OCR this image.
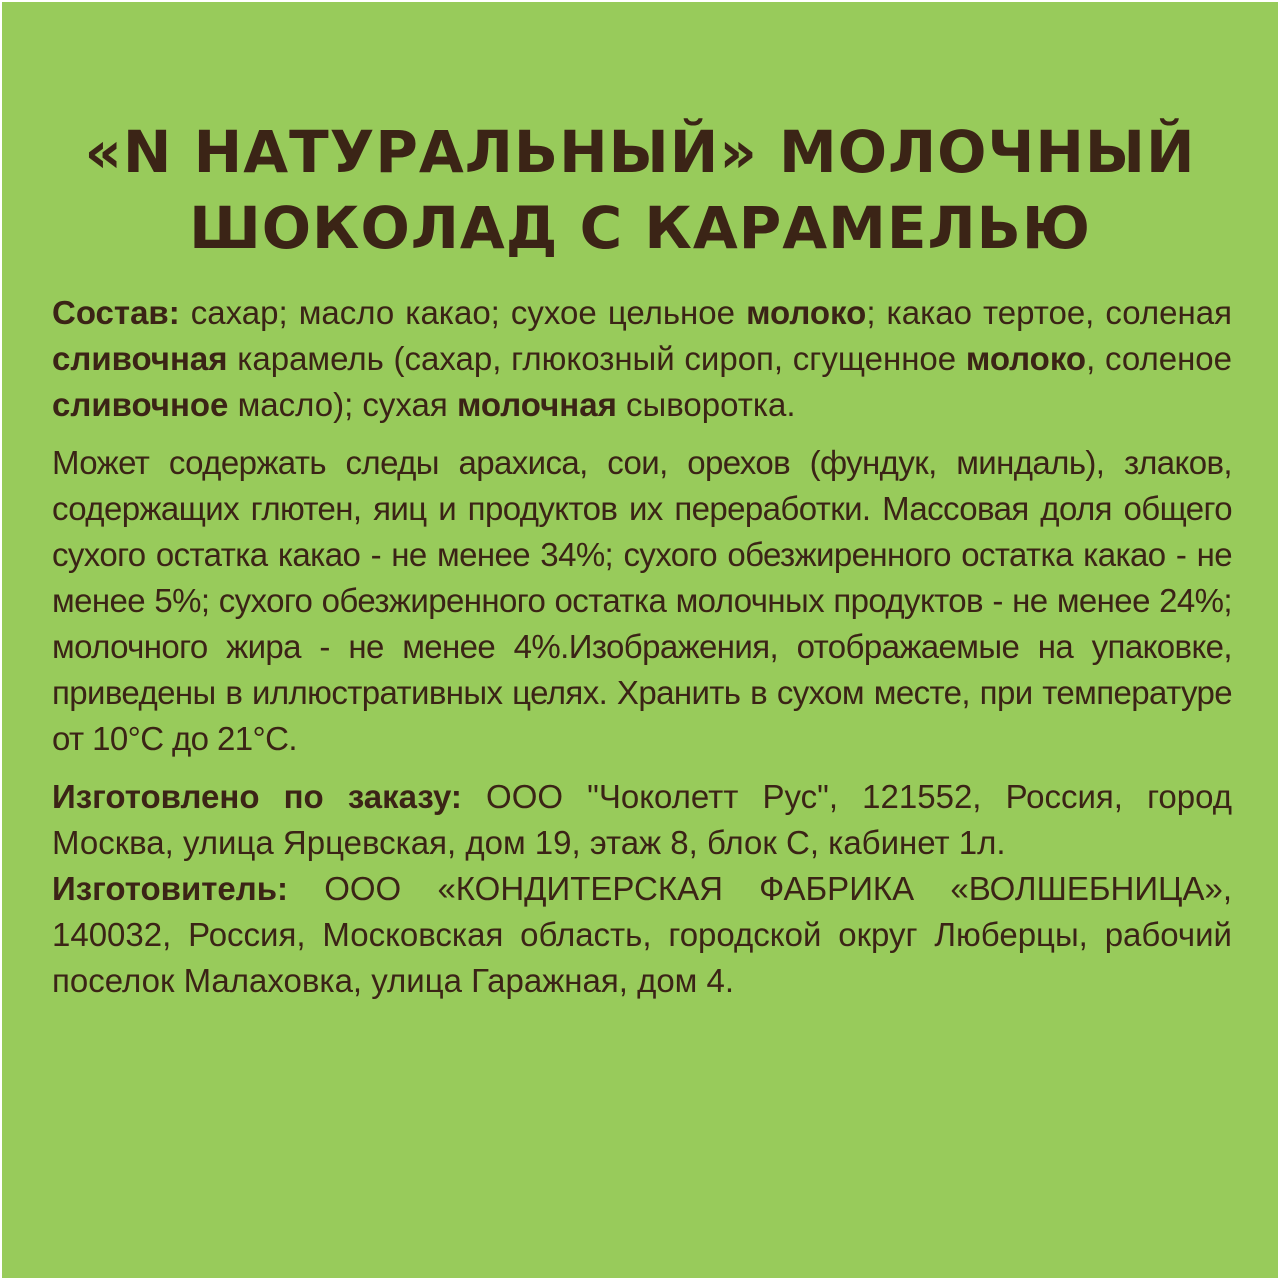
«N НАТУРАЛЬНЫЙ» МОЛОЧНЫЙ
ШОКОЛАД С КАРАМЕЛЬЮ

Состав: сахар; масло какао; сухое цельное молоко; какао тертое, соленая сливочная карамель (сахар, глюкозный сироп, сгущенное молоко, соленое сливочное масло); сухая молочная сыворотка.

Может содержать следы арахиса, сои, орехов (фундук, миндаль), злаков, содержащих глютен, яиц и продуктов их переработки. Массовая доля общего сухого остатка какао - не менее 34%; сухого обезжиренного остатка какао - не менее 5%; сухого обезжиренного остатка молочных продуктов - не менее 24%; молочного жира - не менее 4%.Изображения, отображаемые на упаковке, приведены в иллюстративных целях. Хранить в сухом месте, при температуре от 10°С до 21°С.

Изготовлено по заказу: ООО "Чоколетт Рус", 121552, Россия, город Москва, улица Ярцевская, дом 19, этаж 8, блок С, кабинет 1л.

Изготовитель: ООО «КОНДИТЕРСКАЯ ФАБРИКА «ВОЛШЕБНИЦА», 140032, Россия, Московская область, городской округ Люберцы, рабочий поселок Малаховка, улица Гаражная, дом 4.
